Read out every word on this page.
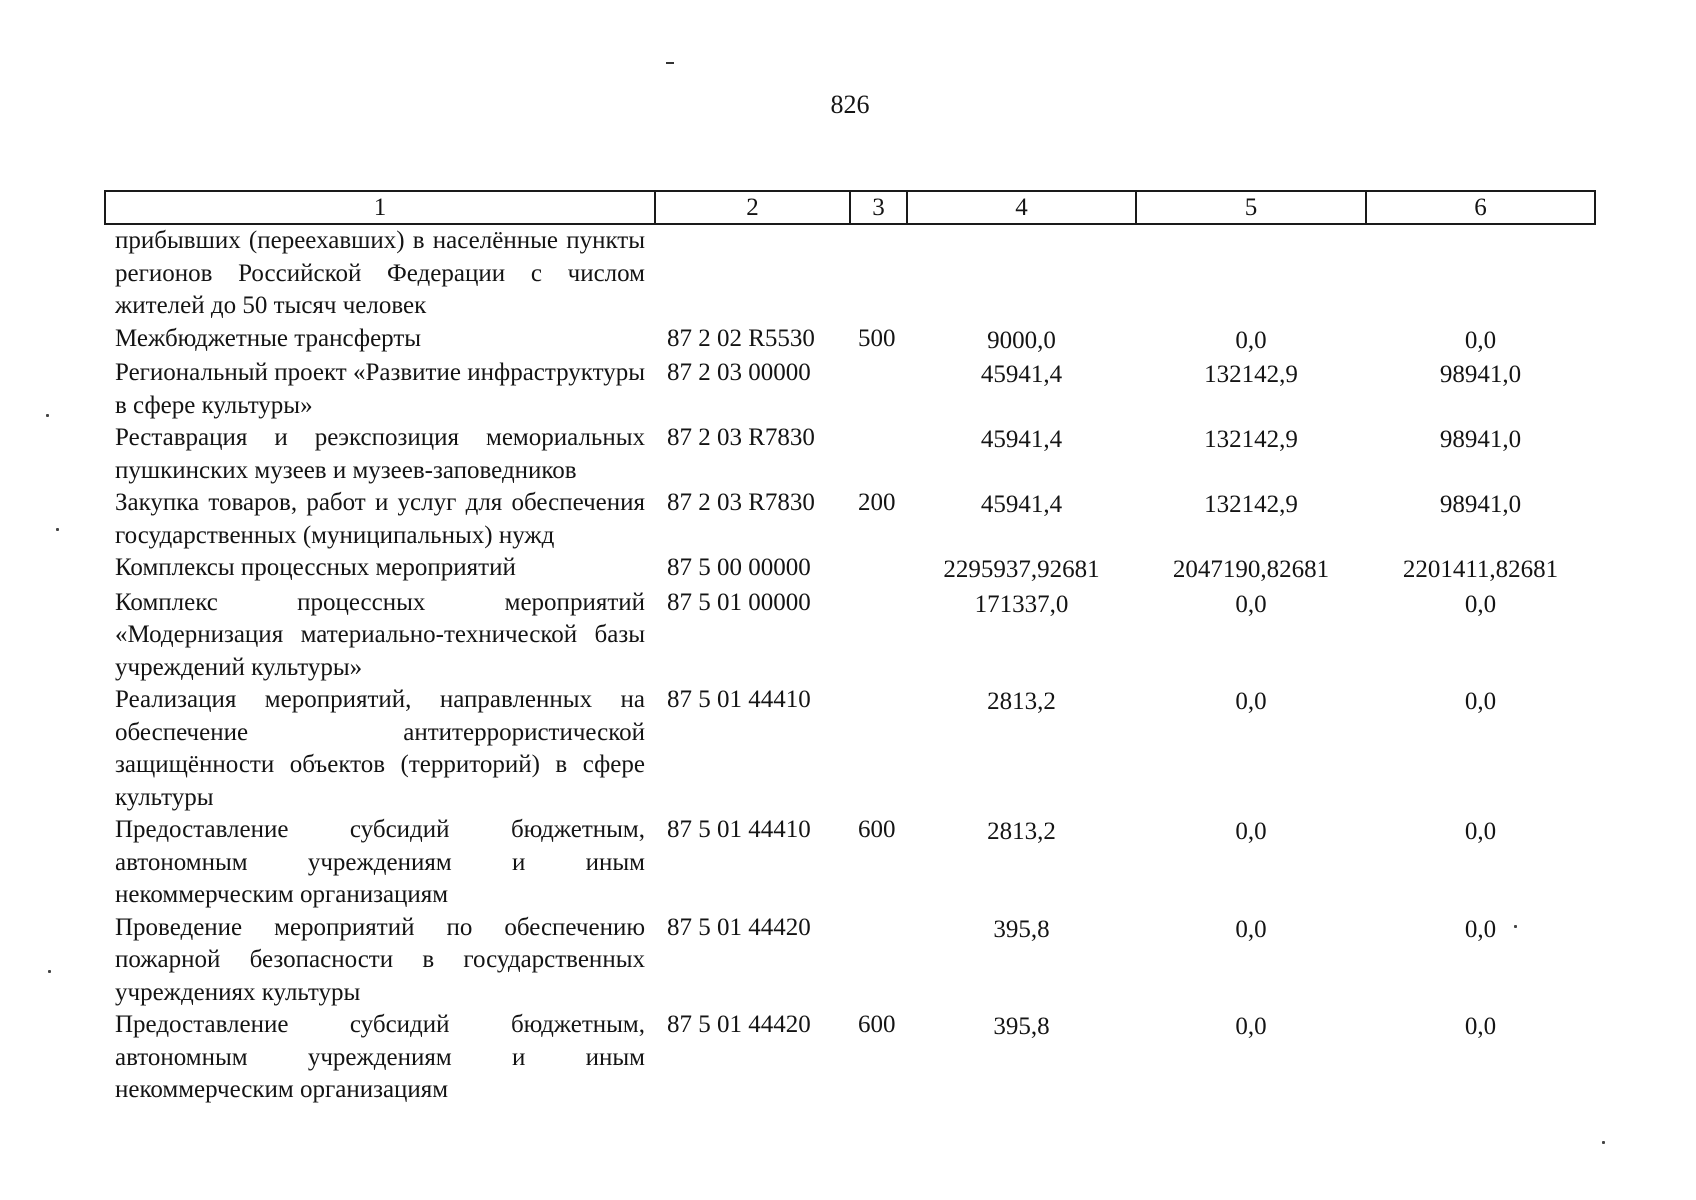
826
1	2	3	4	5	6
прибывших (переехавших) в населённые пункты регионов Российской Федерации с числом жителей до 50 тысяч человек					
Межбюджетные трансферты	87 2 02 R5530	500	9000,0	0,0	0,0
Региональный проект «Развитие инфраструктуры в сфере культуры»	87 2 03 00000		45941,4	132142,9	98941,0
Реставрация и реэкспозиция мемориальных пушкинских музеев и музеев-заповедников	87 2 03 R7830		45941,4	132142,9	98941,0
Закупка товаров, работ и услуг для обеспечения государственных (муниципальных) нужд	87 2 03 R7830	200	45941,4	132142,9	98941,0
Комплексы процессных мероприятий	87 5 00 00000		2295937,92681	2047190,82681	2201411,82681
Комплекс процессных мероприятий «Модернизация материально-технической базы учреждений культуры»	87 5 01 00000		171337,0	0,0	0,0
Реализация мероприятий, направленных на обеспечение антитеррористической защищённости объектов (территорий) в сфере культуры	87 5 01 44410		2813,2	0,0	0,0
Предоставление субсидий бюджетным, автономным учреждениям и иным некоммерческим организациям	87 5 01 44410	600	2813,2	0,0	0,0
Проведение мероприятий по обеспечению пожарной безопасности в государственных учреждениях культуры	87 5 01 44420		395,8	0,0	0,0
Предоставление субсидий бюджетным, автономным учреждениям и иным некоммерческим организациям	87 5 01 44420	600	395,8	0,0	0,0
